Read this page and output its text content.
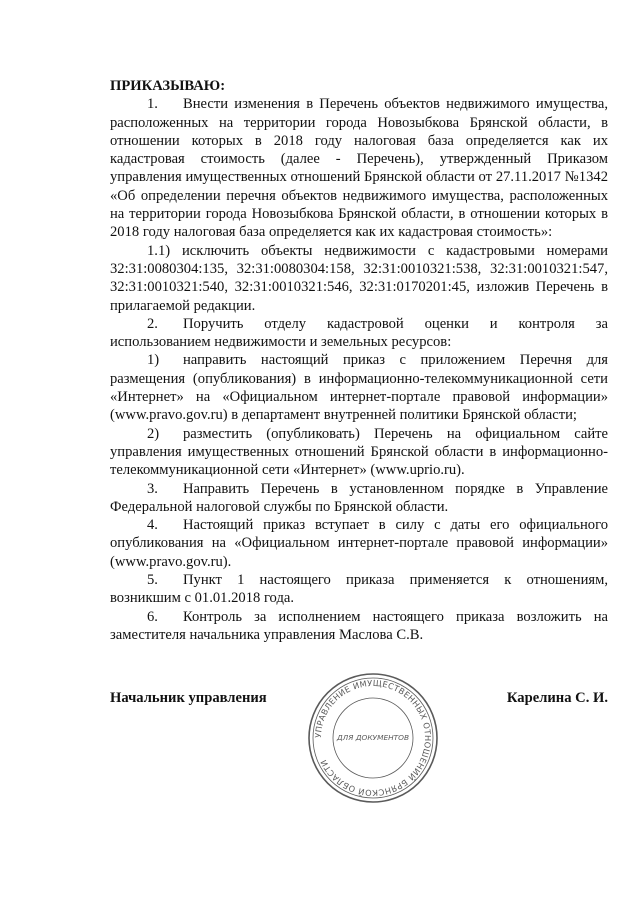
ПРИКАЗЫВАЮ:

1. Внести изменения в Перечень объектов недвижимого имущества, расположенных на территории города Новозыбкова Брянской области, в отношении которых в 2018 году налоговая база определяется как их кадастровая стоимость (далее - Перечень), утвержденный Приказом управления имущественных отношений Брянской области от 27.11.2017 №1342 «Об определении перечня объектов недвижимого имущества, расположенных на территории города Новозыбкова Брянской области, в отношении которых в 2018 году налоговая база определяется как их кадастровая стоимость»:

1.1) исключить объекты недвижимости с кадастровыми номерами 32:31:0080304:135, 32:31:0080304:158, 32:31:0010321:538, 32:31:0010321:547, 32:31:0010321:540, 32:31:0010321:546, 32:31:0170201:45, изложив Перечень в прилагаемой редакции.

2. Поручить отделу кадастровой оценки и контроля за использованием недвижимости и земельных ресурсов:

1) направить настоящий приказ с приложением Перечня для размещения (опубликования) в информационно-телекоммуникационной сети «Интернет» на «Официальном интернет-портале правовой информации» (www.pravo.gov.ru) в департамент внутренней политики Брянской области;

2) разместить (опубликовать) Перечень на официальном сайте управления имущественных отношений Брянской области в информационно-телекоммуникационной сети «Интернет» (www.uprio.ru).

3. Направить Перечень в установленном порядке в Управление Федеральной налоговой службы по Брянской области.

4. Настоящий приказ вступает в силу с даты его официального опубликования на «Официальном интернет-портале правовой информации» (www.pravo.gov.ru).

5. Пункт 1 настоящего приказа применяется к отношениям, возникшим с 01.01.2018 года.

6. Контроль за исполнением настоящего приказа возложить на заместителя начальника управления Маслова С.В.

Начальник управления	Карелина С. И.
УПРАВЛЕНИЕ ИМУЩЕСТВЕННЫХ ОТНОШЕНИЙ БРЯНСКОЙ ОБЛАСТИ
ДЛЯ ДОКУМЕНТОВ
